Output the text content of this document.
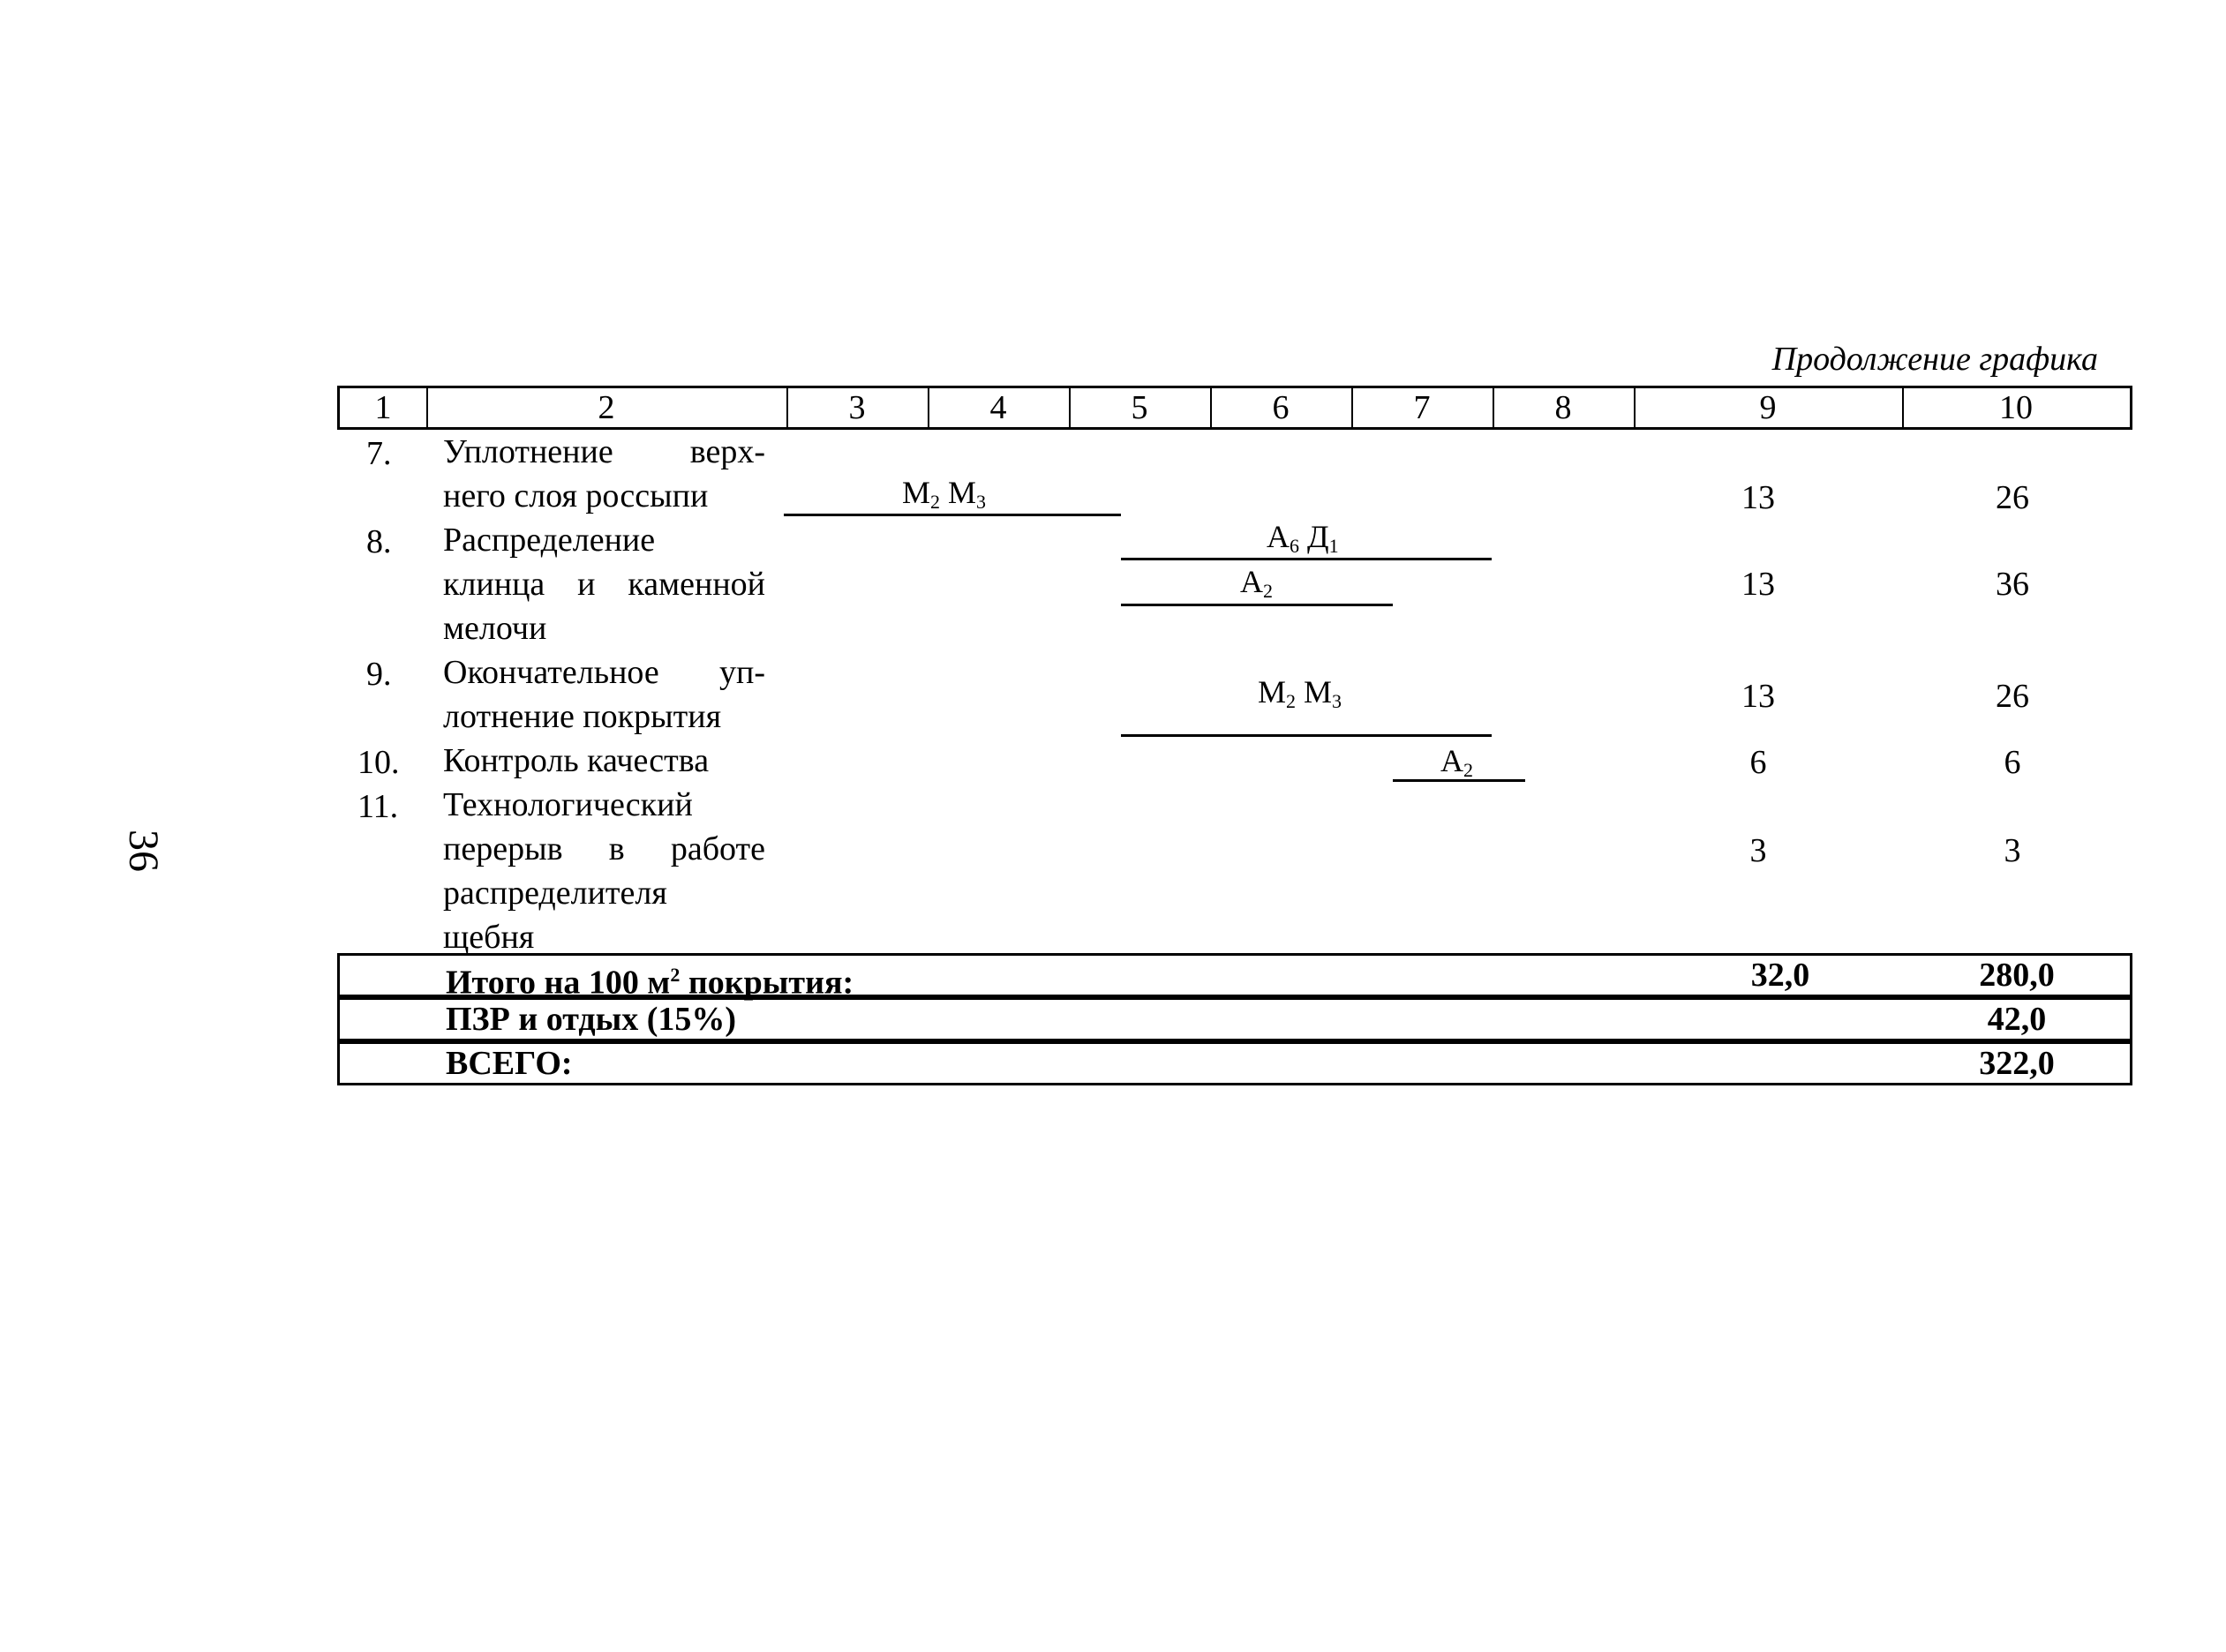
36
Продолжение графика
1	2	3	4	5	6	7	8	9	10
7. Уплотнение верх-
него слоя россыпи	$М_2$ $М_3$	13	26
8. Распределение
клинца и каменной
мелочи
$А_6$ $Д_1$
$А_2$	13	36
9. Окончательное уп-
лотнение покрытия
$М_2$ $М_3$	13	26
10. Контроль качества	$А_2$	6	6
11. Технологический
перерыв в работе
распределителя
щебня
3	3
Итого на 100 $м^2$ покрытия:	32,0	280,0
ПЗР и отдых (15%)	42,0
ВСЕГО:	322,0
